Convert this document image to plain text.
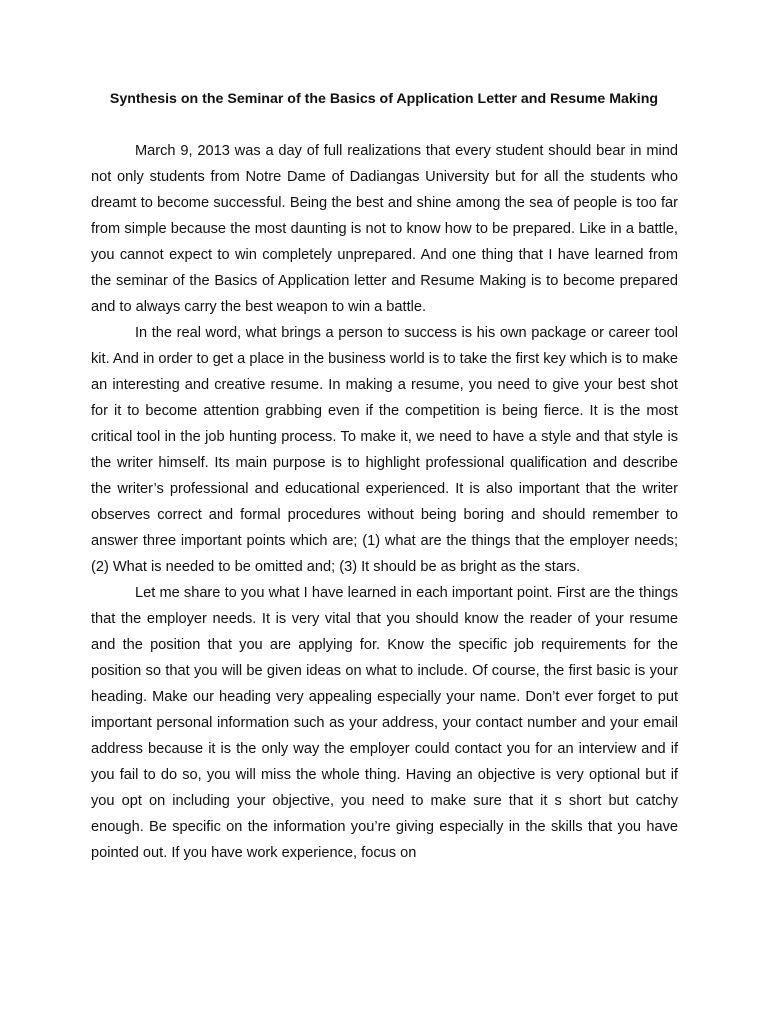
Synthesis on the Seminar of the Basics of Application Letter and Resume Making

March 9, 2013 was a day of full realizations that every student should bear in mind not only students from Notre Dame of Dadiangas University but for all the students who dreamt to become successful. Being the best and shine among the sea of people is too far from simple because the most daunting is not to know how to be prepared. Like in a battle, you cannot expect to win completely unprepared. And one thing that I have learned from the seminar of the Basics of Application letter and Resume Making is to become prepared and to always carry the best weapon to win a battle.

In the real word, what brings a person to success is his own package or career tool kit. And in order to get a place in the business world is to take the first key which is to make an interesting and creative resume. In making a resume, you need to give your best shot for it to become attention grabbing even if the competition is being fierce. It is the most critical tool in the job hunting process. To make it, we need to have a style and that style is the writer himself. Its main purpose is to highlight professional qualification and describe the writer’s professional and educational experienced. It is also important that the writer observes correct and formal procedures without being boring and should remember to answer three important points which are; (1) what are the things that the employer needs; (2) What is needed to be omitted and; (3) It should be as bright as the stars.

Let me share to you what I have learned in each important point. First are the things that the employer needs. It is very vital that you should know the reader of your resume and the position that you are applying for. Know the specific job requirements for the position so that you will be given ideas on what to include. Of course, the first basic is your heading. Make our heading very appealing especially your name. Don’t ever forget to put important personal information such as your address, your contact number and your email address because it is the only way the employer could contact you for an interview and if you fail to do so, you will miss the whole thing. Having an objective is very optional but if you opt on including your objective, you need to make sure that it s short but catchy enough. Be specific on the information you’re giving especially in the skills that you have pointed out. If you have work experience, focus on
